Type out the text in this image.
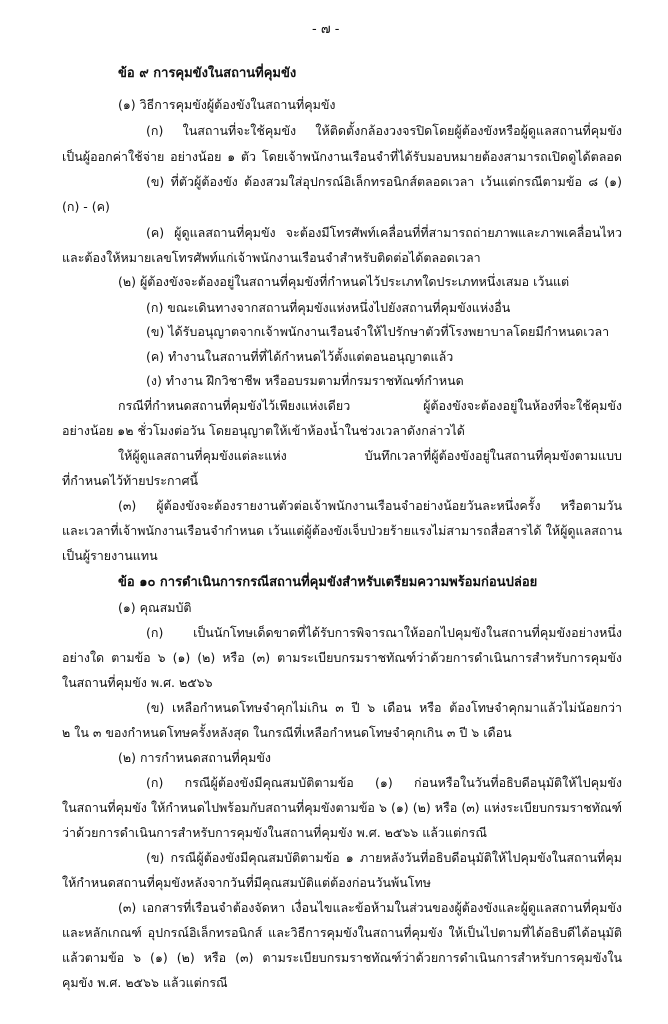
- ๗ -
ข้อ ๙ การคุมขังในสถานที่คุมขัง
(๑) วิธีการคุมขังผู้ต้องขังในสถานที่คุมขัง
(ก) ในสถานที่จะใช้คุมขัง ให้ติดตั้งกล้องวงจรปิดโดยผู้ต้องขังหรือผู้ดูแลสถานที่คุมขัง
เป็นผู้ออกค่าใช้จ่าย อย่างน้อย ๑ ตัว โดยเจ้าพนักงานเรือนจำที่ได้รับมอบหมายต้องสามารถเปิดดูได้ตลอด
(ข) ที่ตัวผู้ต้องขัง ต้องสวมใส่อุปกรณ์อิเล็กทรอนิกส์ตลอดเวลา เว้นแต่กรณีตามข้อ ๘ (๑)
(ก) - (ค)
(ค) ผู้ดูแลสถานที่คุมขัง จะต้องมีโทรศัพท์เคลื่อนที่ที่สามารถถ่ายภาพและภาพเคลื่อนไหว
และต้องให้หมายเลขโทรศัพท์แก่เจ้าพนักงานเรือนจำสำหรับติดต่อได้ตลอดเวลา
(๒) ผู้ต้องขังจะต้องอยู่ในสถานที่คุมขังที่กำหนดไว้ประเภทใดประเภทหนึ่งเสมอ เว้นแต่
(ก) ขณะเดินทางจากสถานที่คุมขังแห่งหนึ่งไปยังสถานที่คุมขังแห่งอื่น
(ข) ได้รับอนุญาตจากเจ้าพนักงานเรือนจำให้ไปรักษาตัวที่โรงพยาบาลโดยมีกำหนดเวลา
(ค) ทำงานในสถานที่ที่ได้กำหนดไว้ตั้งแต่ตอนอนุญาตแล้ว
(ง) ทำงาน ฝึกวิชาชีพ หรืออบรมตามที่กรมราชทัณฑ์กำหนด
กรณีที่กำหนดสถานที่คุมขังไว้เพียงแห่งเดียว ผู้ต้องขังจะต้องอยู่ในห้องที่จะใช้คุมขัง
อย่างน้อย ๑๒ ชั่วโมงต่อวัน โดยอนุญาตให้เข้าห้องน้ำในช่วงเวลาดังกล่าวได้
ให้ผู้ดูแลสถานที่คุมขังแต่ละแห่ง บันทึกเวลาที่ผู้ต้องขังอยู่ในสถานที่คุมขังตามแบบ
ที่กำหนดไว้ท้ายประกาศนี้
(๓) ผู้ต้องขังจะต้องรายงานตัวต่อเจ้าพนักงานเรือนจำอย่างน้อยวันละหนึ่งครั้ง หรือตามวัน
และเวลาที่เจ้าพนักงานเรือนจำกำหนด เว้นแต่ผู้ต้องขังเจ็บป่วยร้ายแรงไม่สามารถสื่อสารได้ ให้ผู้ดูแลสถาน
เป็นผู้รายงานแทน
ข้อ ๑๐ การดำเนินการกรณีสถานที่คุมขังสำหรับเตรียมความพร้อมก่อนปล่อย
(๑) คุณสมบัติ
(ก) เป็นนักโทษเด็ดขาดที่ได้รับการพิจารณาให้ออกไปคุมขังในสถานที่คุมขังอย่างหนึ่ง
อย่างใด ตามข้อ ๖ (๑) (๒) หรือ (๓) ตามระเบียบกรมราชทัณฑ์ว่าด้วยการดำเนินการสำหรับการคุมขัง
ในสถานที่คุมขัง พ.ศ. ๒๕๖๖
(ข) เหลือกำหนดโทษจำคุกไม่เกิน ๓ ปี ๖ เดือน หรือ ต้องโทษจำคุกมาแล้วไม่น้อยกว่า
๒ ใน ๓ ของกำหนดโทษครั้งหลังสุด ในกรณีที่เหลือกำหนดโทษจำคุกเกิน ๓ ปี ๖ เดือน
(๒) การกำหนดสถานที่คุมขัง
(ก) กรณีผู้ต้องขังมีคุณสมบัติตามข้อ (๑) ก่อนหรือในวันที่อธิบดีอนุมัติให้ไปคุมขัง
ในสถานที่คุมขัง ให้กำหนดไปพร้อมกับสถานที่คุมขังตามข้อ ๖ (๑) (๒) หรือ (๓) แห่งระเบียบกรมราชทัณฑ์
ว่าด้วยการดำเนินการสำหรับการคุมขังในสถานที่คุมขัง พ.ศ. ๒๕๖๖ แล้วแต่กรณี
(ข) กรณีผู้ต้องขังมีคุณสมบัติตามข้อ ๑ ภายหลังวันที่อธิบดีอนุมัติให้ไปคุมขังในสถานที่คุม
ให้กำหนดสถานที่คุมขังหลังจากวันที่มีคุณสมบัติแต่ต้องก่อนวันพ้นโทษ
(๓) เอกสารที่เรือนจำต้องจัดหา เงื่อนไขและข้อห้ามในส่วนของผู้ต้องขังและผู้ดูแลสถานที่คุมขัง
และหลักเกณฑ์ อุปกรณ์อิเล็กทรอนิกส์ และวิธีการคุมขังในสถานที่คุมขัง ให้เป็นไปตามที่ได้อธิบดีได้อนุมัติ
แล้วตามข้อ ๖ (๑) (๒) หรือ (๓) ตามระเบียบกรมราชทัณฑ์ว่าด้วยการดำเนินการสำหรับการคุมขังใน
คุมขัง พ.ศ. ๒๕๖๖ แล้วแต่กรณี
